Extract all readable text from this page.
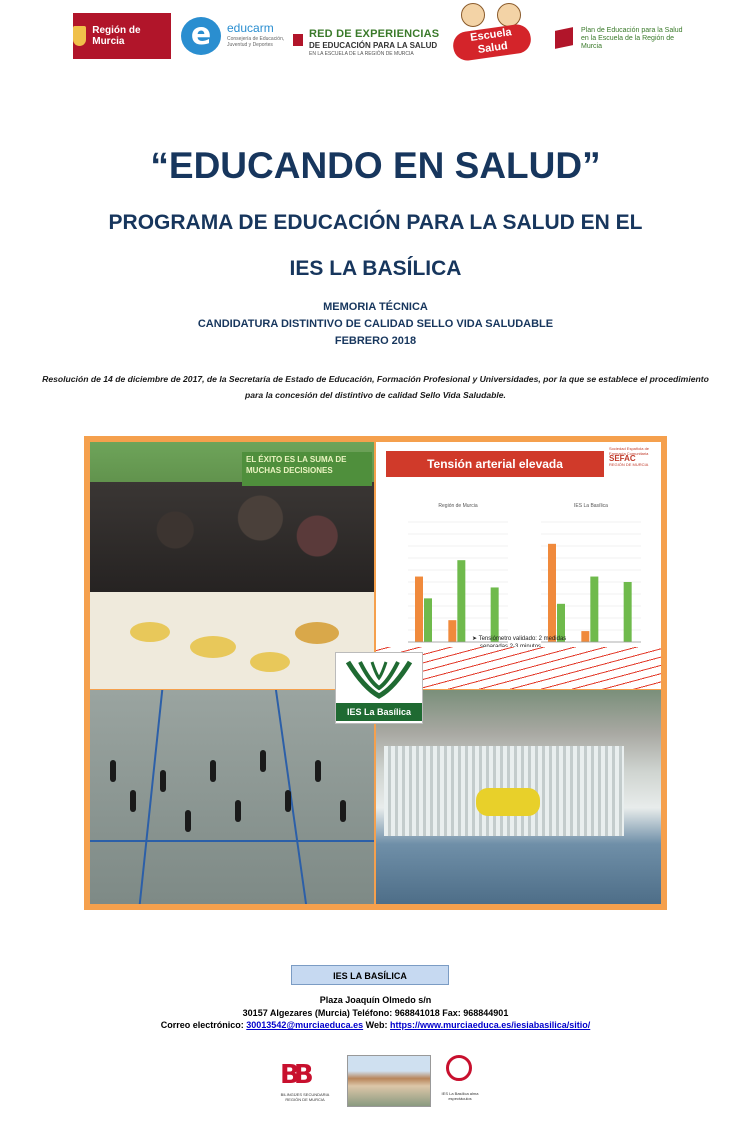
Región de Murcia	e	educarm
Consejería de Educación, Juventud y Deportes
RED DE EXPERIENCIAS
DE EDUCACIÓN PARA LA SALUD
EN LA ESCUELA DE LA REGIÓN DE MURCIA
Escuela
Salud
Plan de Educación para la Salud en la Escuela de la Región de Murcia
“EDUCANDO EN SALUD”
PROGRAMA DE EDUCACIÓN PARA LA SALUD EN EL
IES LA BASÍLICA
MEMORIA TÉCNICA
CANDIDATURA DISTINTIVO DE CALIDAD SELLO VIDA SALUDABLE
FEBRERO 2018
Resolución de 14 de diciembre de 2017, de la Secretaría de Estado de Educación, Formación Profesional y Universidades, por la que se establece el procedimiento
para la concesión del distintivo de calidad Sello Vida Saludable.
EL ÉXITO ES LA SUMA DE MUCHAS DECISIONES	Tensión arterial elevada
Sociedad Española de Farmacia Comunitaria
SEFAC
REGIÓN DE MURCIA
Región de Murcia	IES La Basílica
➤ Tensiómetro validado: 2 medidas
IES La Basílica
IES LA BASÍLICA
Plaza Joaquín Olmedo s/n
30157 Algezares (Murcia) Teléfono: 968841018 Fax: 968844901
Correo electrónico: 30013542@murciaeduca.es Web: https://www.murciaeduca.es/iesiabasilica/sitio/
BB
BILINGÜES SECUNDARIA REGIÓN DE MURCIA
IES La Basílica alma espectáculos
